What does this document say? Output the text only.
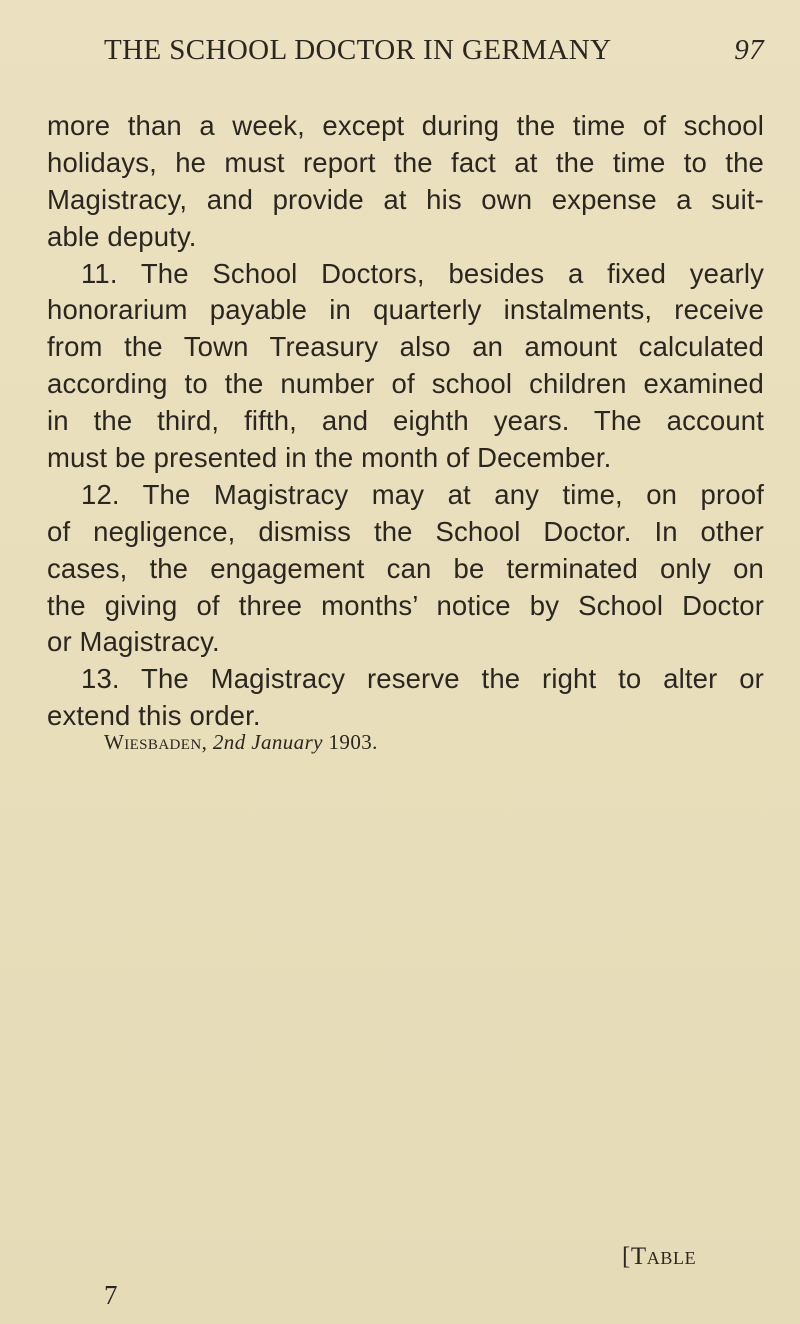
THE SCHOOL DOCTOR IN GERMANY	97
more than a week, except during the time of school
holidays, he must report the fact at the time to the
Magistracy, and provide at his own expense a suit-
able deputy.
11. The School Doctors, besides a fixed yearly
honorarium payable in quarterly instalments, receive
from the Town Treasury also an amount calculated
according to the number of school children examined
in the third, fifth, and eighth years. The account
must be presented in the month of December.
12. The Magistracy may at any time, on proof
of negligence, dismiss the School Doctor. In other
cases, the engagement can be terminated only on
the giving of three months’ notice by School Doctor
or Magistracy.
13. The Magistracy reserve the right to alter or
extend this order.
Wiesbaden, 2nd January 1903.
[Table
7
